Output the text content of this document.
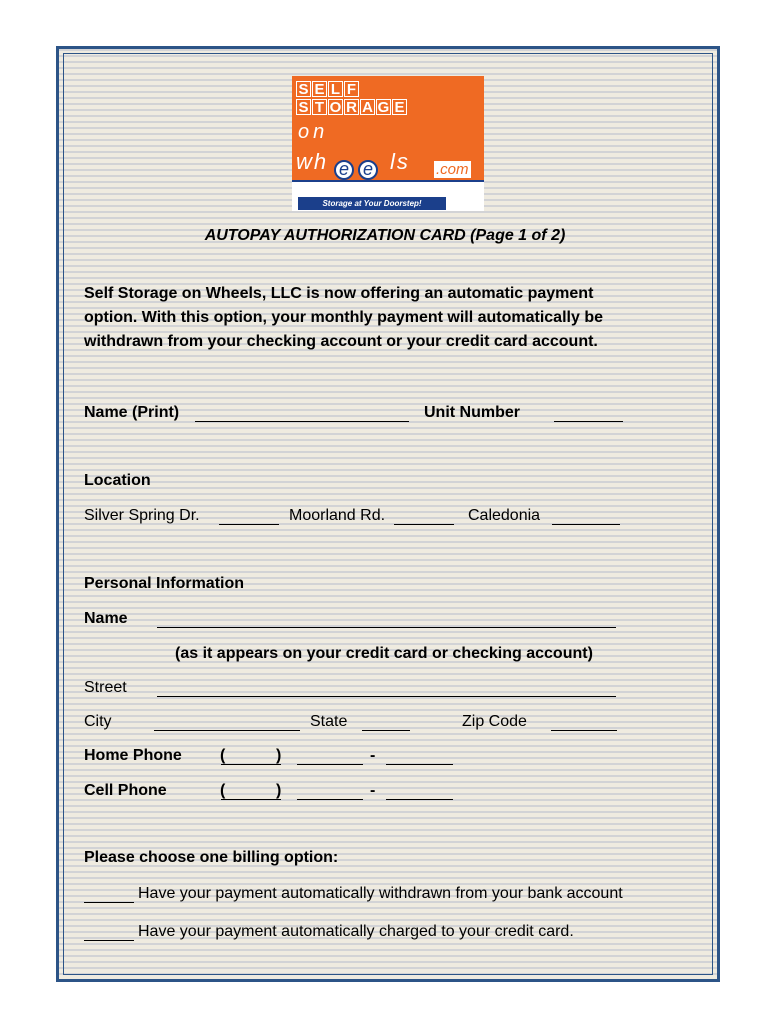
S E L F
S T O R A G E
on
wh e e ls .com
Storage at Your Doorstep!
AUTOPAY AUTHORIZATION CARD (Page 1 of 2)
Self Storage on Wheels, LLC is now offering an automatic payment
option. With this option, your monthly payment will automatically be
withdrawn from your checking account or your credit card account.
Name (Print)	Unit Number
Location
Silver Spring Dr.	Moorland Rd.	Caledonia
Personal Information
Name
(as it appears on your credit card or checking account)
Street
City	State	Zip Code
Home Phone (	)	-
Cell Phone	(	)	-
Please choose one billing option:
Have your payment automatically withdrawn from your bank account
Have your payment automatically charged to your credit card.
